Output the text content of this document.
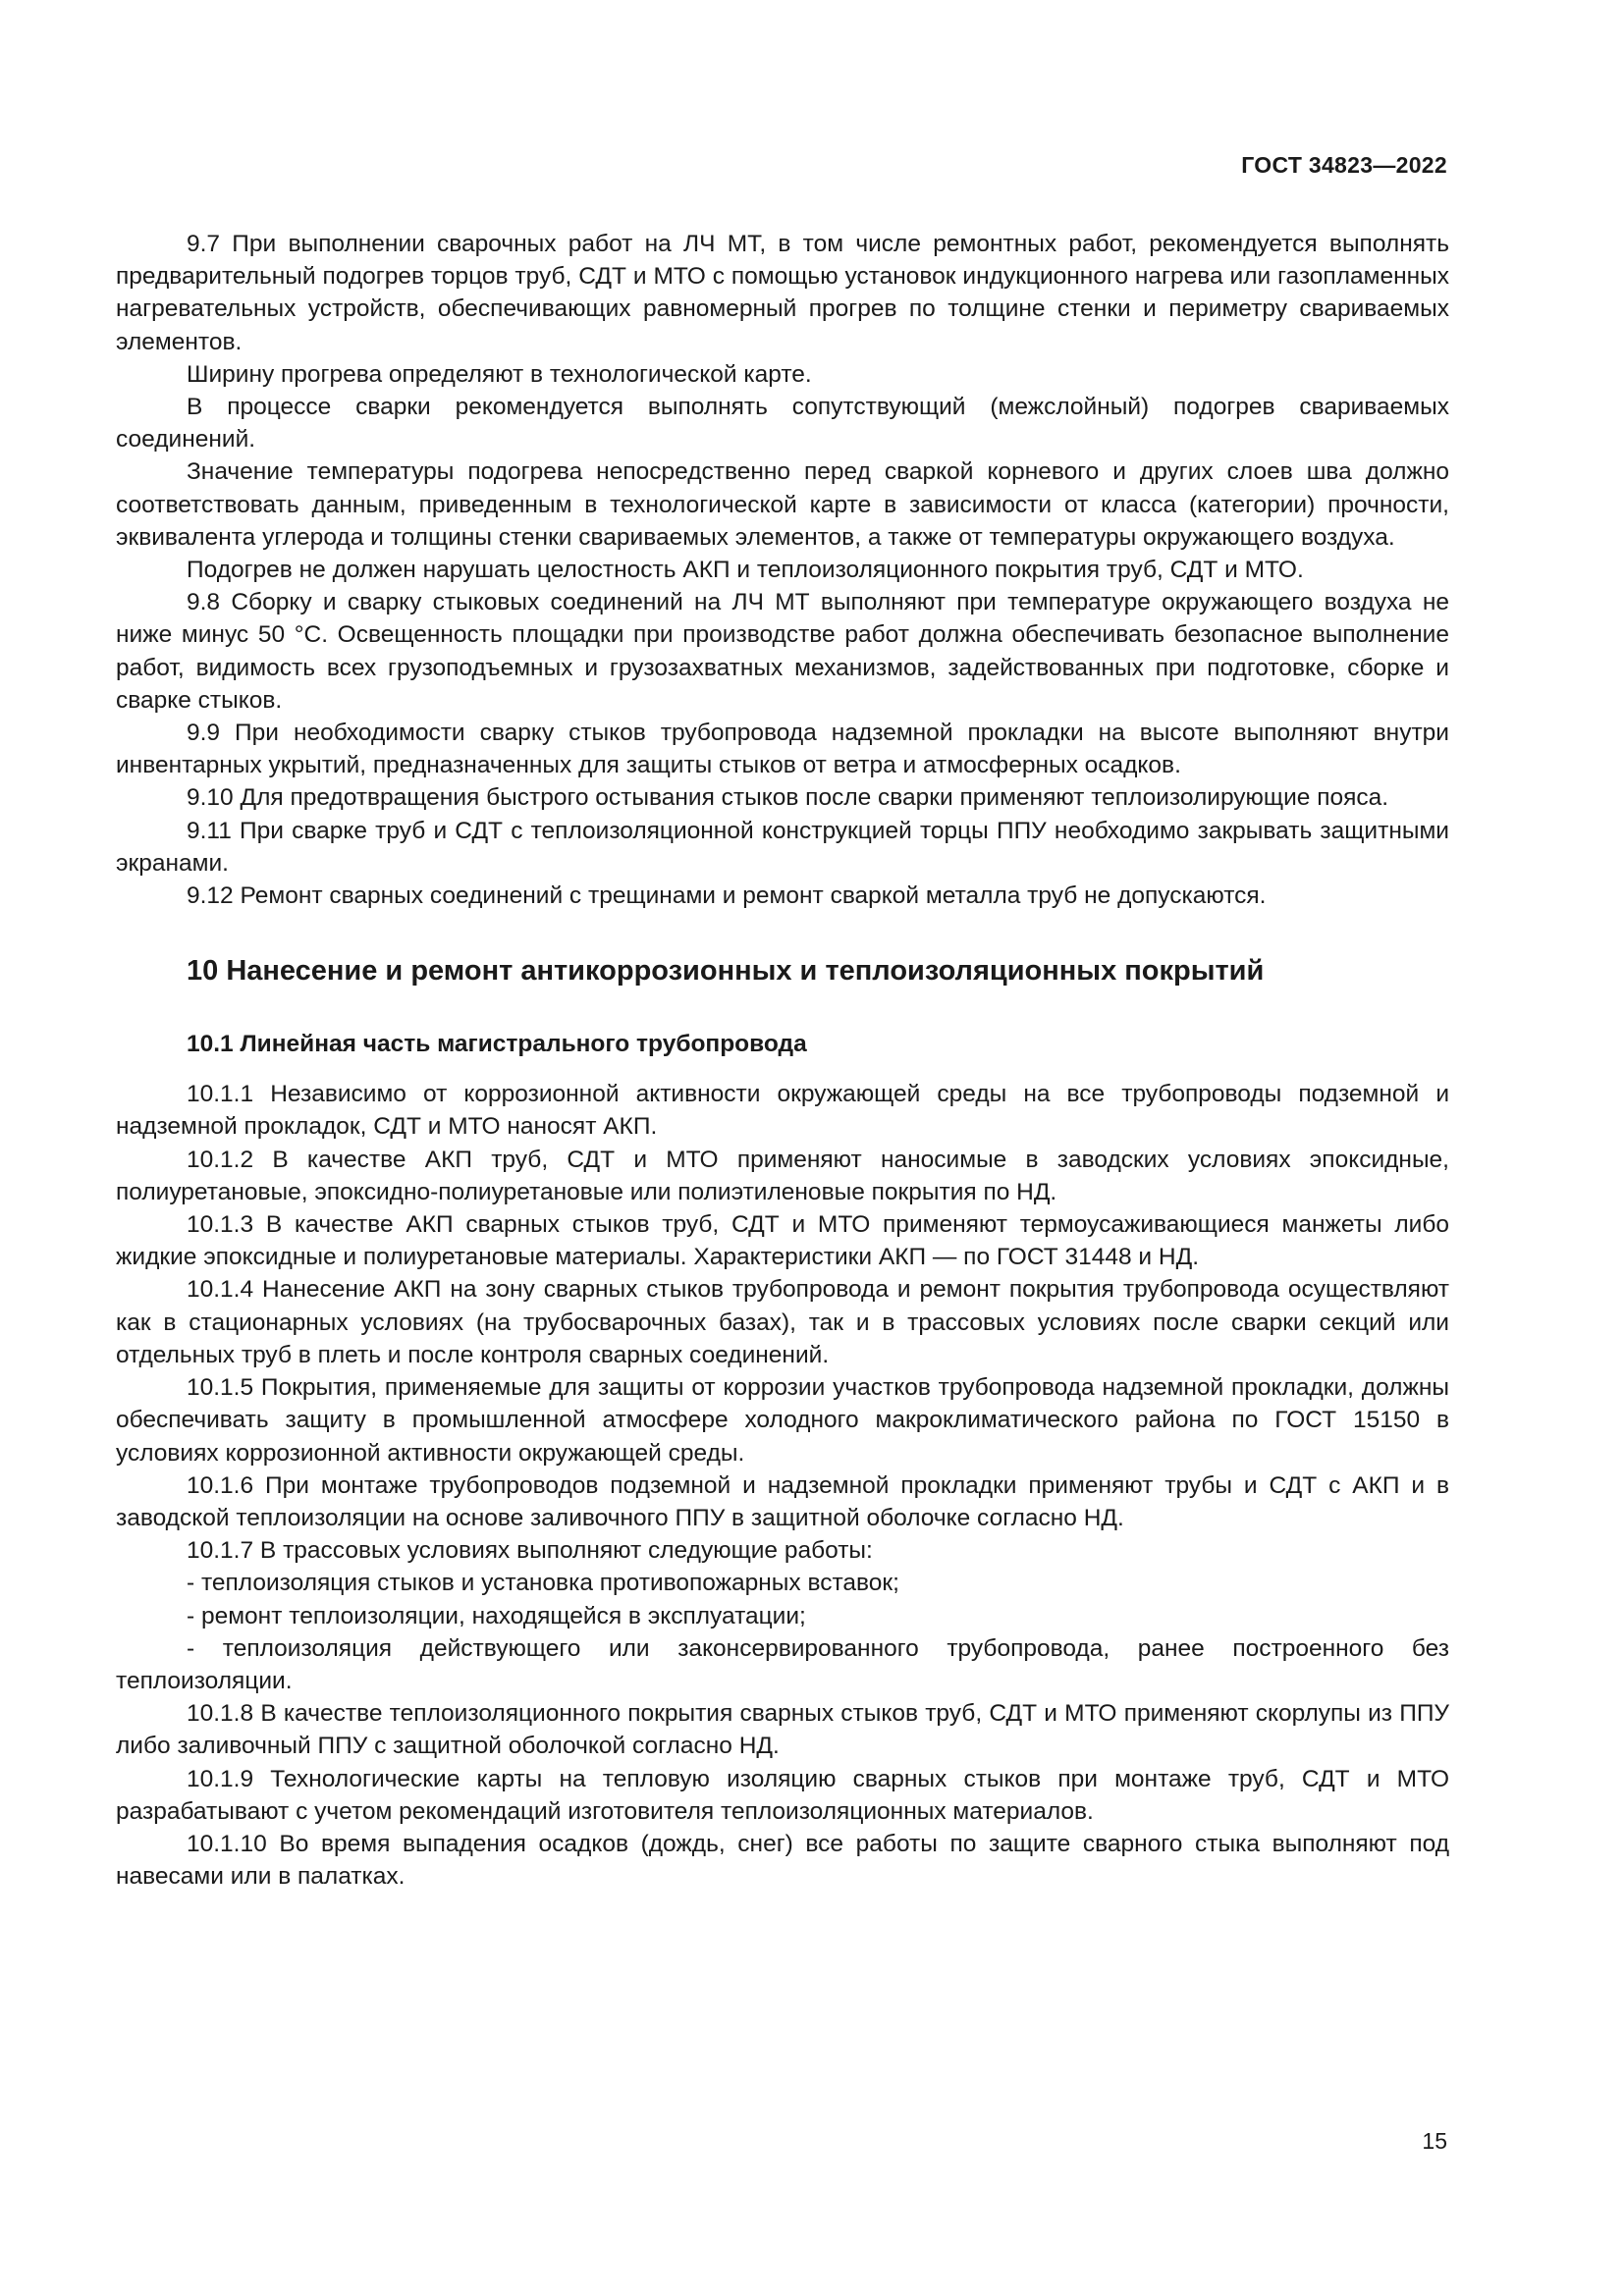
ГОСТ 34823—2022

9.7 При выполнении сварочных работ на ЛЧ МТ, в том числе ремонтных работ, рекомендуется выполнять предварительный подогрев торцов труб, СДТ и МТО с помощью установок индукционного нагрева или газопламенных нагревательных устройств, обеспечивающих равномерный прогрев по толщине стенки и периметру свариваемых элементов.

Ширину прогрева определяют в технологической карте.

В процессе сварки рекомендуется выполнять сопутствующий (межслойный) подогрев свариваемых соединений.

Значение температуры подогрева непосредственно перед сваркой корневого и других слоев шва должно соответствовать данным, приведенным в технологической карте в зависимости от класса (категории) прочности, эквивалента углерода и толщины стенки свариваемых элементов, а также от температуры окружающего воздуха.

Подогрев не должен нарушать целостность АКП и теплоизоляционного покрытия труб, СДТ и МТО.

9.8 Сборку и сварку стыковых соединений на ЛЧ МТ выполняют при температуре окружающего воздуха не ниже минус 50 °С. Освещенность площадки при производстве работ должна обеспечивать безопасное выполнение работ, видимость всех грузоподъемных и грузозахватных механизмов, задействованных при подготовке, сборке и сварке стыков.

9.9 При необходимости сварку стыков трубопровода надземной прокладки на высоте выполняют внутри инвентарных укрытий, предназначенных для защиты стыков от ветра и атмосферных осадков.

9.10 Для предотвращения быстрого остывания стыков после сварки применяют теплоизолирующие пояса.

9.11 При сварке труб и СДТ с теплоизоляционной конструкцией торцы ППУ необходимо закрывать защитными экранами.

9.12 Ремонт сварных соединений с трещинами и ремонт сваркой металла труб не допускаются.

10 Нанесение и ремонт антикоррозионных и теплоизоляционных покрытий
10.1 Линейная часть магистрального трубопровода

10.1.1 Независимо от коррозионной активности окружающей среды на все трубопроводы подземной и надземной прокладок, СДТ и МТО наносят АКП.

10.1.2 В качестве АКП труб, СДТ и МТО применяют наносимые в заводских условиях эпоксидные, полиуретановые, эпоксидно-полиуретановые или полиэтиленовые покрытия по НД.

10.1.3 В качестве АКП сварных стыков труб, СДТ и МТО применяют термоусаживающиеся манжеты либо жидкие эпоксидные и полиуретановые материалы. Характеристики АКП — по ГОСТ 31448 и НД.

10.1.4 Нанесение АКП на зону сварных стыков трубопровода и ремонт покрытия трубопровода осуществляют как в стационарных условиях (на трубосварочных базах), так и в трассовых условиях после сварки секций или отдельных труб в плеть и после контроля сварных соединений.

10.1.5 Покрытия, применяемые для защиты от коррозии участков трубопровода надземной прокладки, должны обеспечивать защиту в промышленной атмосфере холодного макроклиматического района по ГОСТ 15150 в условиях коррозионной активности окружающей среды.

10.1.6 При монтаже трубопроводов подземной и надземной прокладки применяют трубы и СДТ с АКП и в заводской теплоизоляции на основе заливочного ППУ в защитной оболочке согласно НД.

10.1.7 В трассовых условиях выполняют следующие работы:

- теплоизоляция стыков и установка противопожарных вставок;

- ремонт теплоизоляции, находящейся в эксплуатации;

- теплоизоляция действующего или законсервированного трубопровода, ранее построенного без теплоизоляции.

10.1.8 В качестве теплоизоляционного покрытия сварных стыков труб, СДТ и МТО применяют скорлупы из ППУ либо заливочный ППУ с защитной оболочкой согласно НД.

10.1.9 Технологические карты на тепловую изоляцию сварных стыков при монтаже труб, СДТ и МТО разрабатывают с учетом рекомендаций изготовителя теплоизоляционных материалов.

10.1.10 Во время выпадения осадков (дождь, снег) все работы по защите сварного стыка выполняют под навесами или в палатках.

15
